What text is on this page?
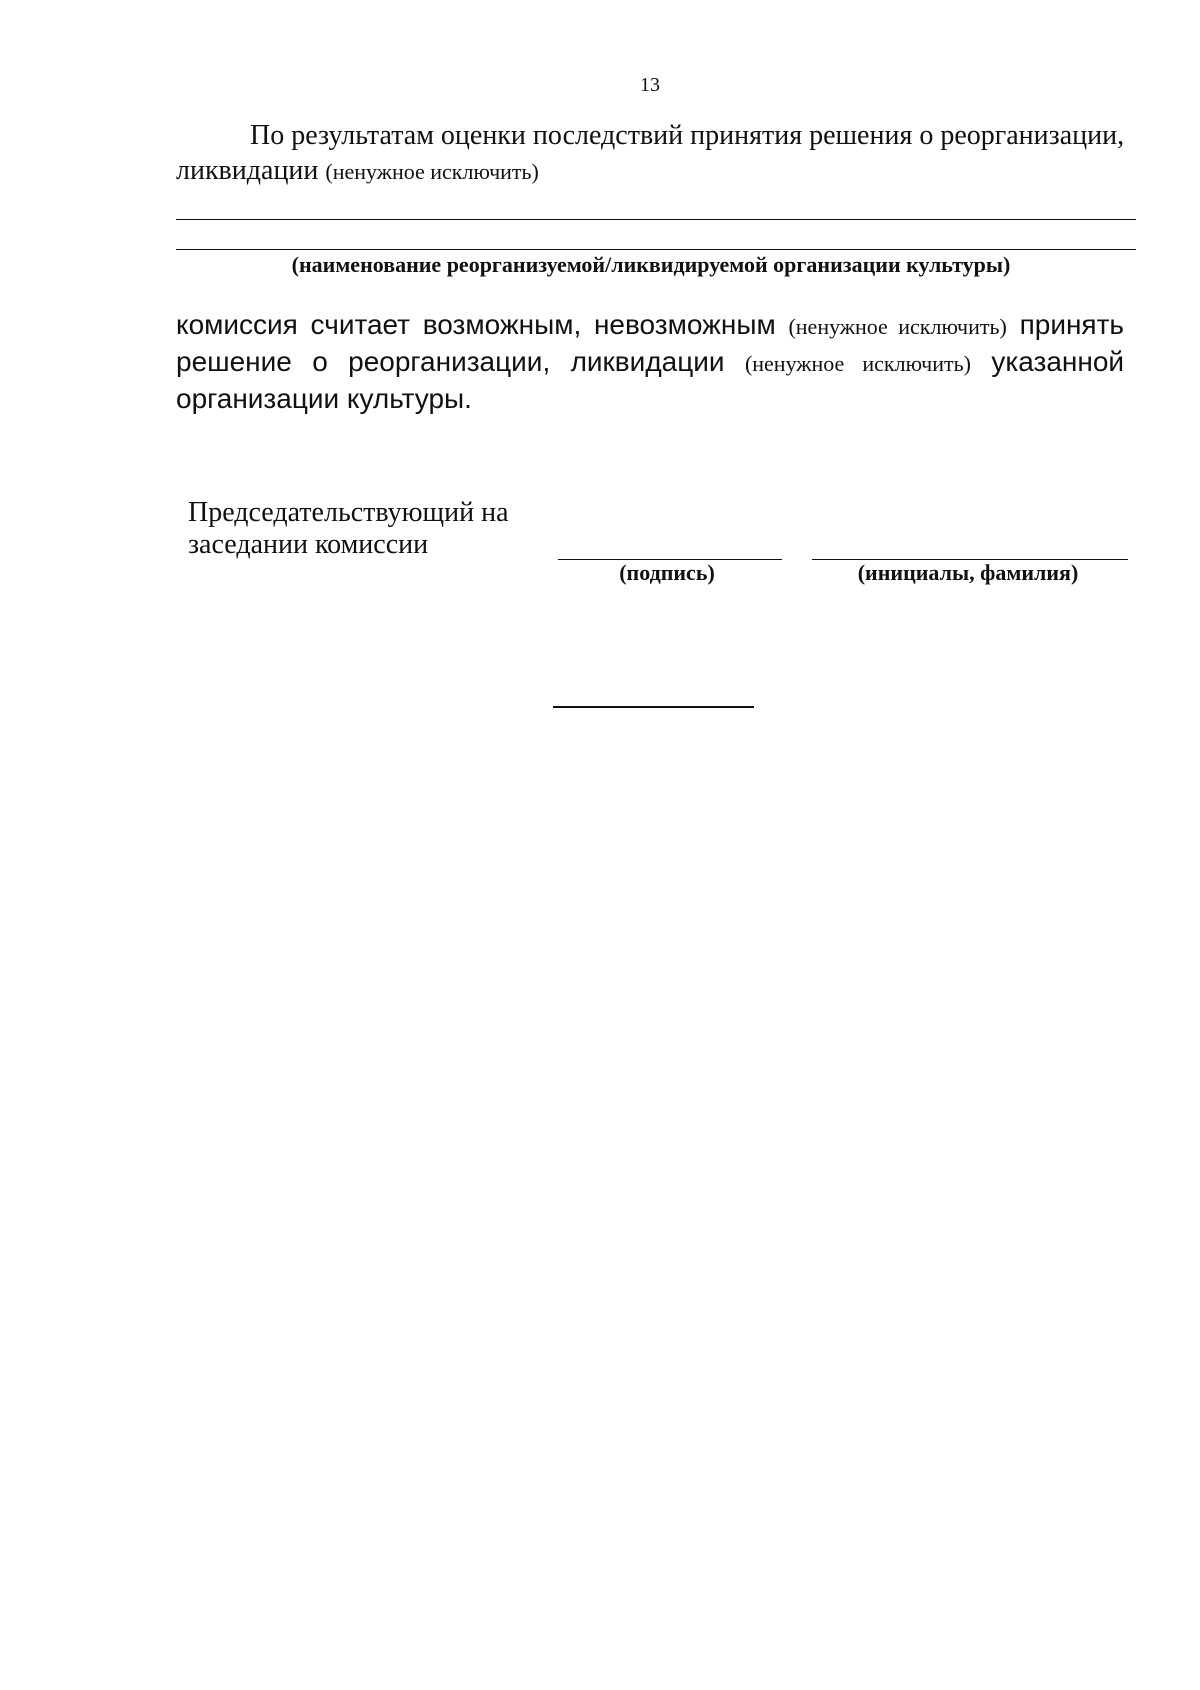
13
По результатам оценки последствий принятия решения о реорганизации, ликвидации (ненужное исключить)
(наименование реорганизуемой/ликвидируемой организации культуры)
комиссия считает возможным, невозможным (ненужное исключить) принять решение о реорганизации, ликвидации (ненужное исключить) указанной организации культуры.
Председательствующий на заседании комиссии
(подпись)	(инициалы, фамилия)
